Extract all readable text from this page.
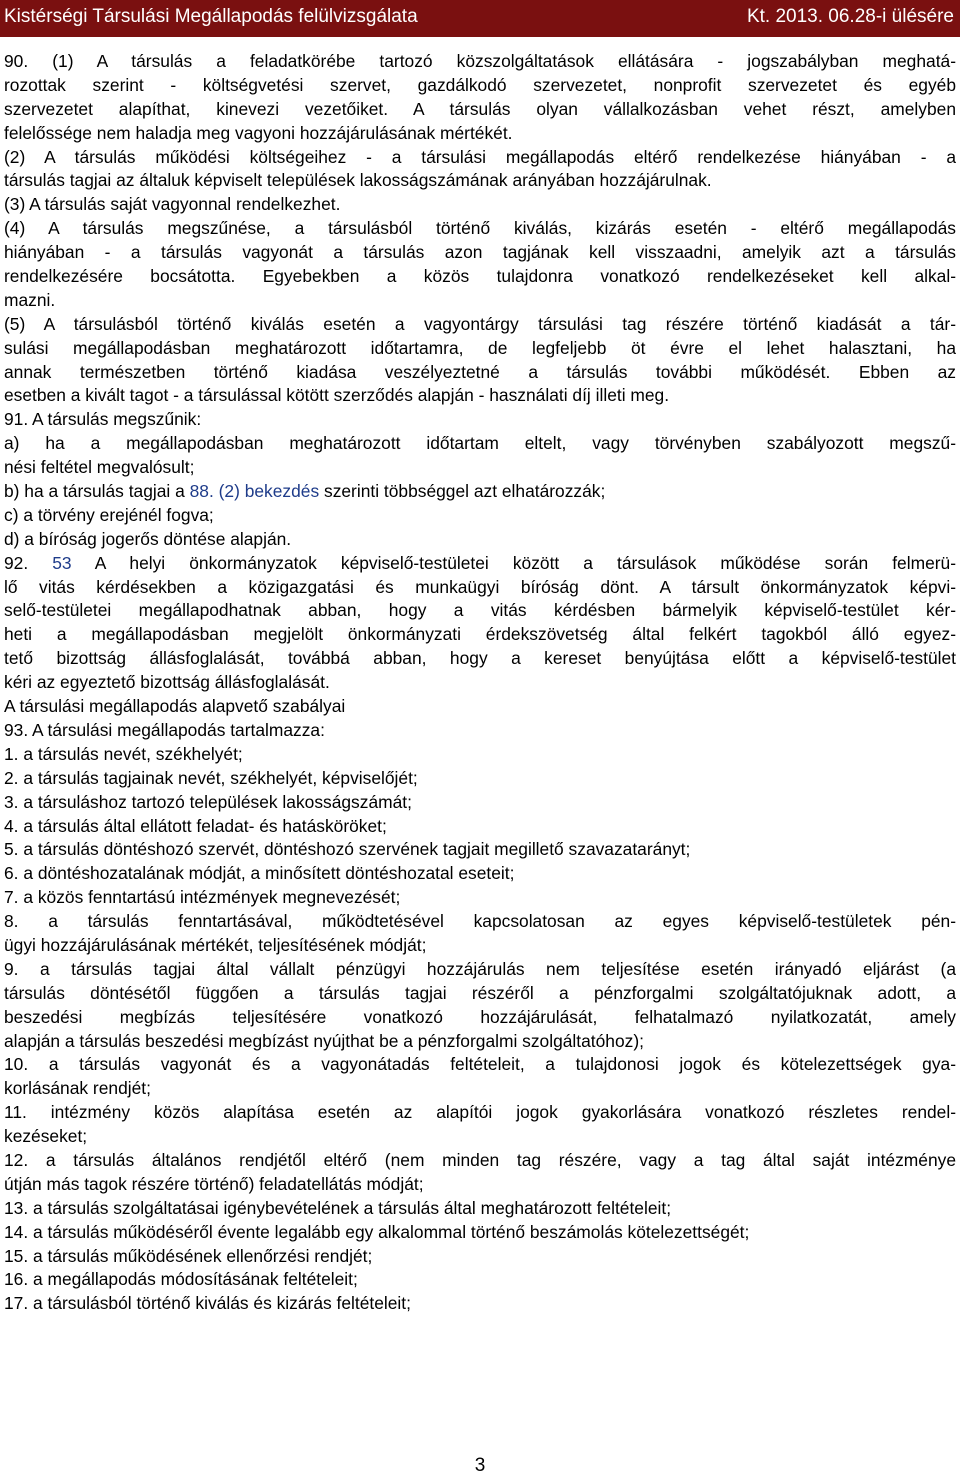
Kistérségi Társulási Megállapodás felülvizsgálata	Kt. 2013. 06.28-i ülésére
90. (1) A társulás a feladatkörébe tartozó közszolgáltatások ellátására - jogszabályban meghatá-
rozottak szerint - költségvetési szervet, gazdálkodó szervezetet, nonprofit szervezetet és egyéb
szervezetet alapíthat, kinevezi vezetőiket. A társulás olyan vállalkozásban vehet részt, amelyben
felelőssége nem haladja meg vagyoni hozzájárulásának mértékét.
(2) A társulás működési költségeihez - a társulási megállapodás eltérő rendelkezése hiányában - a
társulás tagjai az általuk képviselt települések lakosságszámának arányában hozzájárulnak.
(3) A társulás saját vagyonnal rendelkezhet.
(4) A társulás megszűnése, a társulásból történő kiválás, kizárás esetén - eltérő megállapodás
hiányában - a társulás vagyonát a társulás azon tagjának kell visszaadni, amelyik azt a társulás
rendelkezésére bocsátotta. Egyebekben a közös tulajdonra vonatkozó rendelkezéseket kell alkal-
mazni.
(5) A társulásból történő kiválás esetén a vagyontárgy társulási tag részére történő kiadását a tár-
sulási megállapodásban meghatározott időtartamra, de legfeljebb öt évre el lehet halasztani, ha
annak természetben történő kiadása veszélyeztetné a társulás további működését. Ebben az
esetben a kivált tagot - a társulással kötött szerződés alapján - használati díj illeti meg.
91. A társulás megszűnik:
a) ha a megállapodásban meghatározott időtartam eltelt, vagy törvényben szabályozott megszű-
nési feltétel megvalósult;
b) ha a társulás tagjai a 88. (2) bekezdés szerinti többséggel azt elhatározzák;
c) a törvény erejénél fogva;
d) a bíróság jogerős döntése alapján.
92. 53 A helyi önkormányzatok képviselő-testületei között a társulások működése során felmerü-
lő vitás kérdésekben a közigazgatási és munkaügyi bíróság dönt. A társult önkormányzatok képvi-
selő-testületei megállapodhatnak abban, hogy a vitás kérdésben bármelyik képviselő-testület kér-
heti a megállapodásban megjelölt önkormányzati érdekszövetség által felkért tagokból álló egyez-
tető bizottság állásfoglalását, továbbá abban, hogy a kereset benyújtása előtt a képviselő-testület
kéri az egyeztető bizottság állásfoglalását.
A társulási megállapodás alapvető szabályai
93. A társulási megállapodás tartalmazza:
1. a társulás nevét, székhelyét;
2. a társulás tagjainak nevét, székhelyét, képviselőjét;
3. a társuláshoz tartozó települések lakosságszámát;
4. a társulás által ellátott feladat- és hatásköröket;
5. a társulás döntéshozó szervét, döntéshozó szervének tagjait megillető szavazatarányt;
6. a döntéshozatalának módját, a minősített döntéshozatal eseteit;
7. a közös fenntartású intézmények megnevezését;
8. a társulás fenntartásával, működtetésével kapcsolatosan az egyes képviselő-testületek pén-
ügyi hozzájárulásának mértékét, teljesítésének módját;
9. a társulás tagjai által vállalt pénzügyi hozzájárulás nem teljesítése esetén irányadó eljárást (a
társulás döntésétől függően a társulás tagjai részéről a pénzforgalmi szolgáltatójuknak adott, a
beszedési megbízás teljesítésére vonatkozó hozzájárulását, felhatalmazó nyilatkozatát, amely
alapján a társulás beszedési megbízást nyújthat be a pénzforgalmi szolgáltatóhoz);
10. a társulás vagyonát és a vagyonátadás feltételeit, a tulajdonosi jogok és kötelezettségek gya-
korlásának rendjét;
11. intézmény közös alapítása esetén az alapítói jogok gyakorlására vonatkozó részletes rendel-
kezéseket;
12. a társulás általános rendjétől eltérő (nem minden tag részére, vagy a tag által saját intézménye
útján más tagok részére történő) feladatellátás módját;
13. a társulás szolgáltatásai igénybevételének a társulás által meghatározott feltételeit;
14. a társulás működéséről évente legalább egy alkalommal történő beszámolás kötelezettségét;
15. a társulás működésének ellenőrzési rendjét;
16. a megállapodás módosításának feltételeit;
17. a társulásból történő kiválás és kizárás feltételeit;
3
